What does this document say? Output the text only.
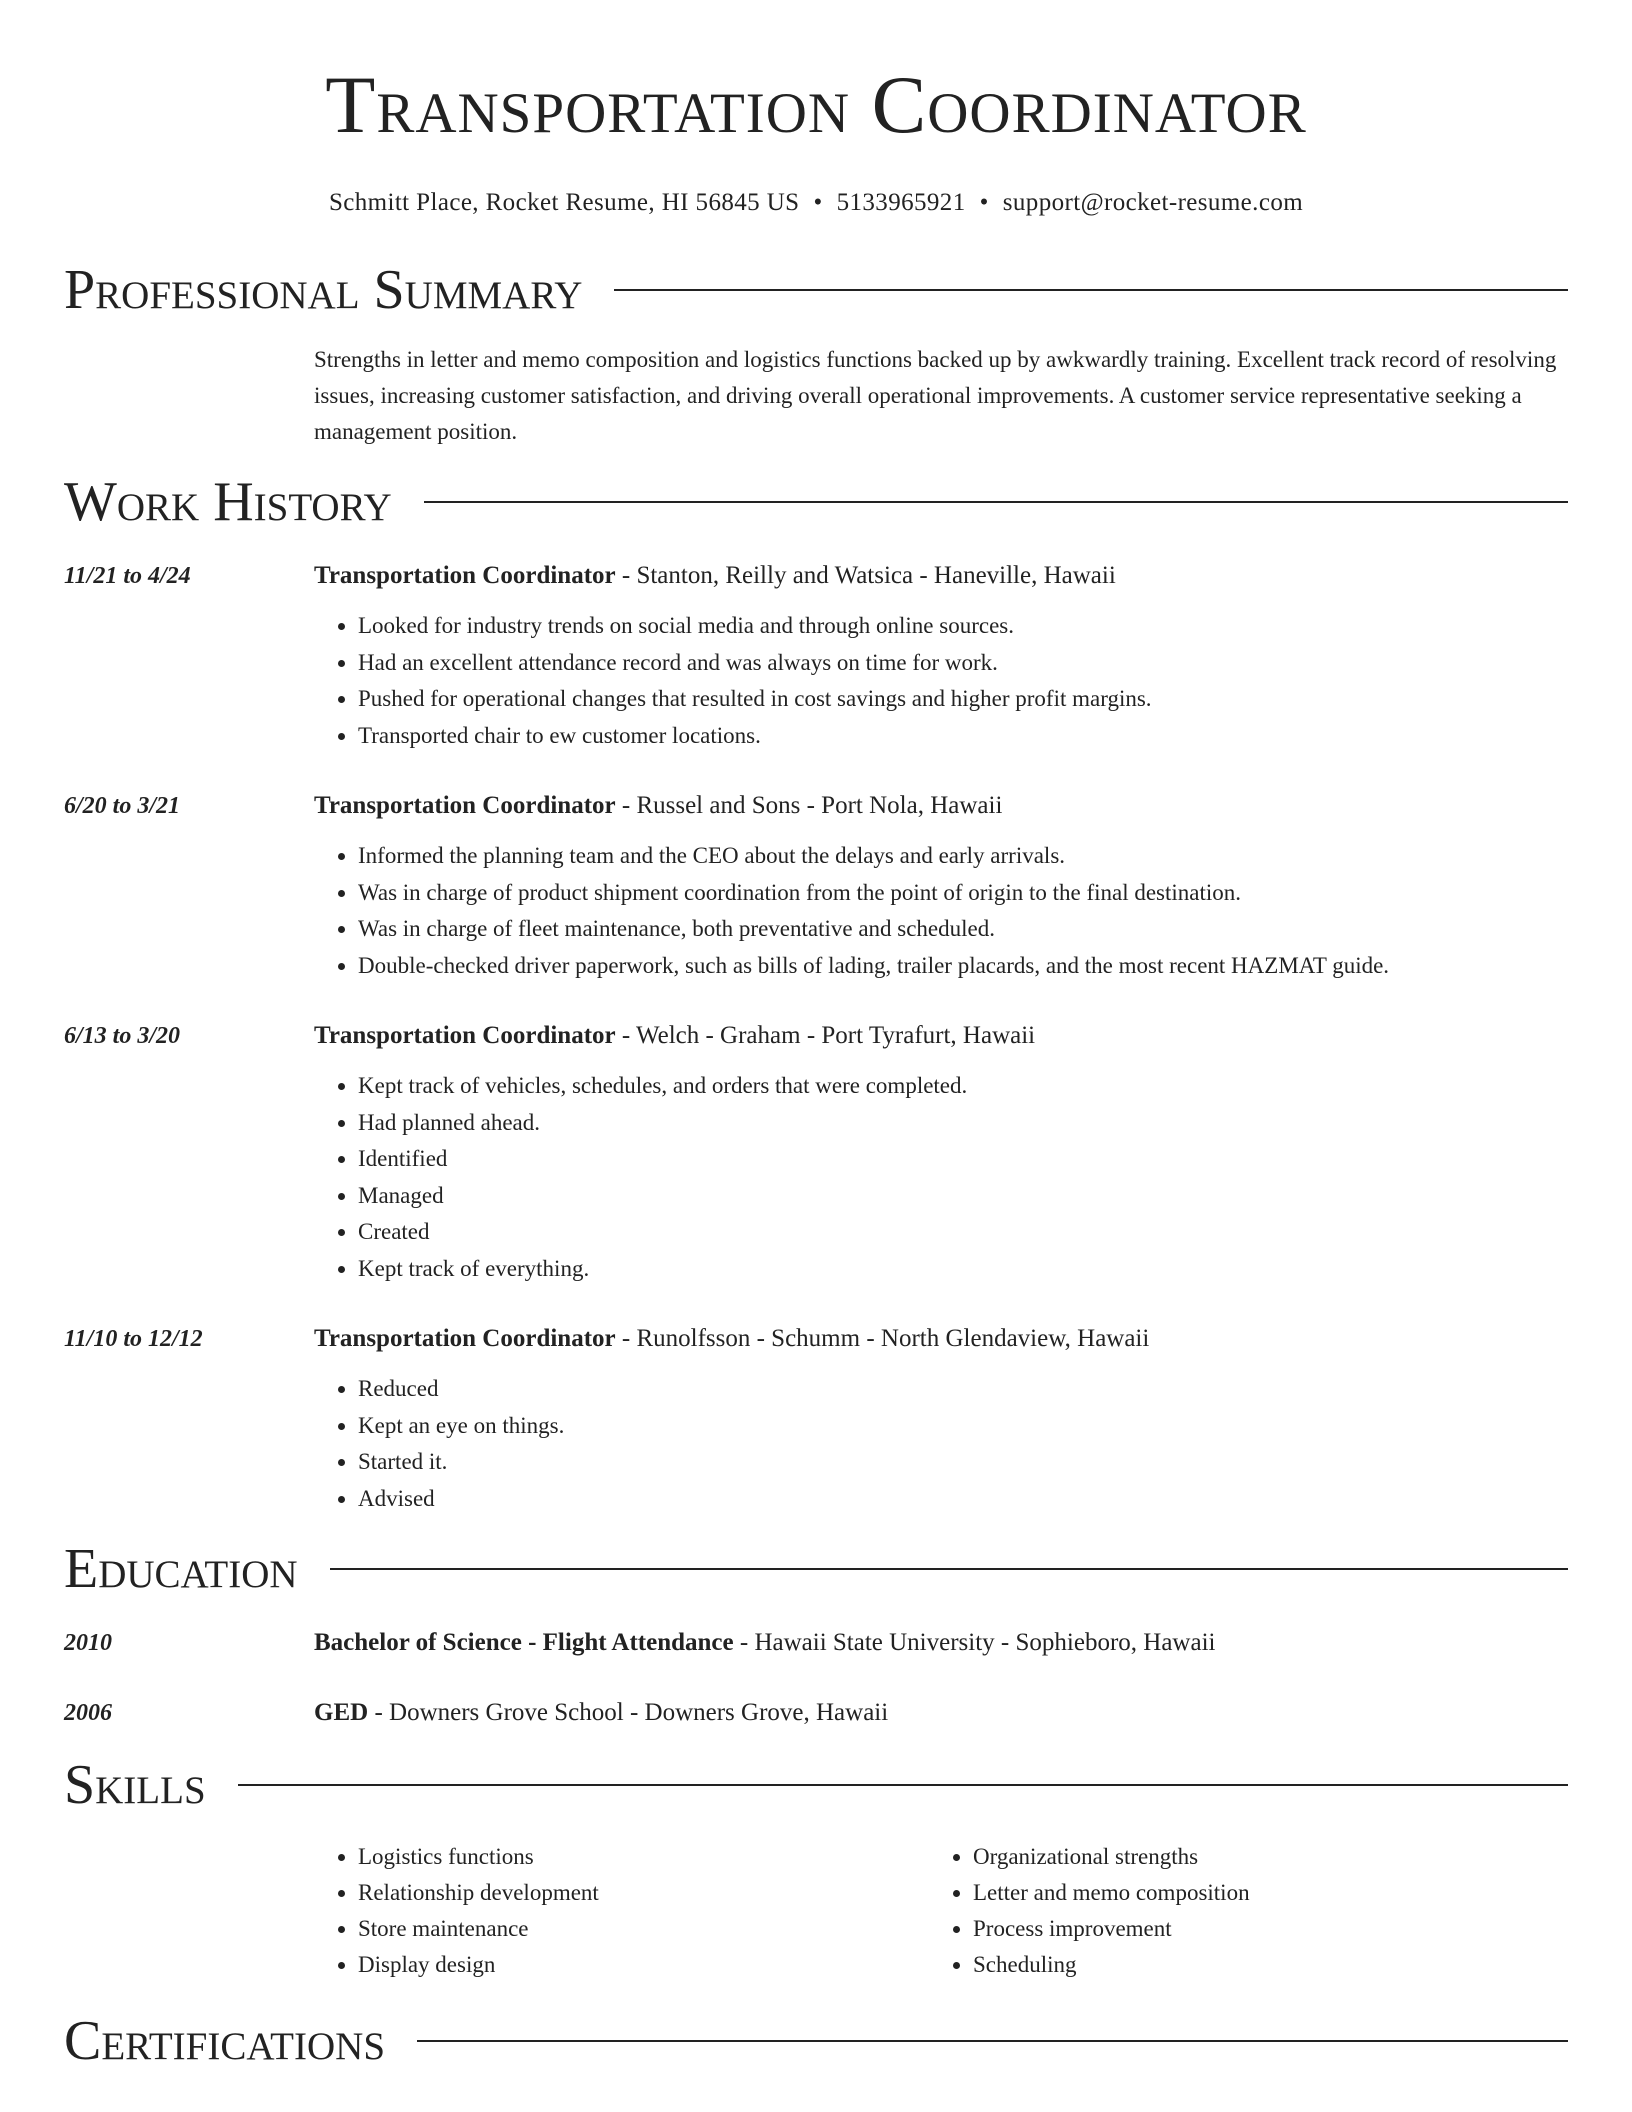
Transportation Coordinator
Schmitt Place, Rocket Resume, HI 56845 US • 5133965921 • support@rocket-resume.com
Professional Summary

Strengths in letter and memo composition and logistics functions backed up by awkwardly training. Excellent track record of resolving issues, increasing customer satisfaction, and driving overall operational improvements. A customer service representative seeking a management position.

Work History
11/21 to 4/24	Transportation Coordinator - Stanton, Reilly and Watsica - Haneville, Hawaii
• Looked for industry trends on social media and through online sources.
• Had an excellent attendance record and was always on time for work.
• Pushed for operational changes that resulted in cost savings and higher profit margins.
• Transported chair to ew customer locations.
6/20 to 3/21	Transportation Coordinator - Russel and Sons - Port Nola, Hawaii
• Informed the planning team and the CEO about the delays and early arrivals.
• Was in charge of product shipment coordination from the point of origin to the final destination.
• Was in charge of fleet maintenance, both preventative and scheduled.
• Double-checked driver paperwork, such as bills of lading, trailer placards, and the most recent HAZMAT guide.
6/13 to 3/20	Transportation Coordinator - Welch - Graham - Port Tyrafurt, Hawaii
• Kept track of vehicles, schedules, and orders that were completed.
• Had planned ahead.
• Identified
• Managed
• Created
• Kept track of everything.
11/10 to 12/12	Transportation Coordinator - Runolfsson - Schumm - North Glendaview, Hawaii
• Reduced
• Kept an eye on things.
• Started it.
• Advised
Education
2010	Bachelor of Science - Flight Attendance - Hawaii State University - Sophieboro, Hawaii
2006	GED - Downers Grove School - Downers Grove, Hawaii
Skills
• Logistics functions
• Relationship development
• Store maintenance
• Display design
• Organizational strengths
• Letter and memo composition
• Process improvement
• Scheduling
Certifications
